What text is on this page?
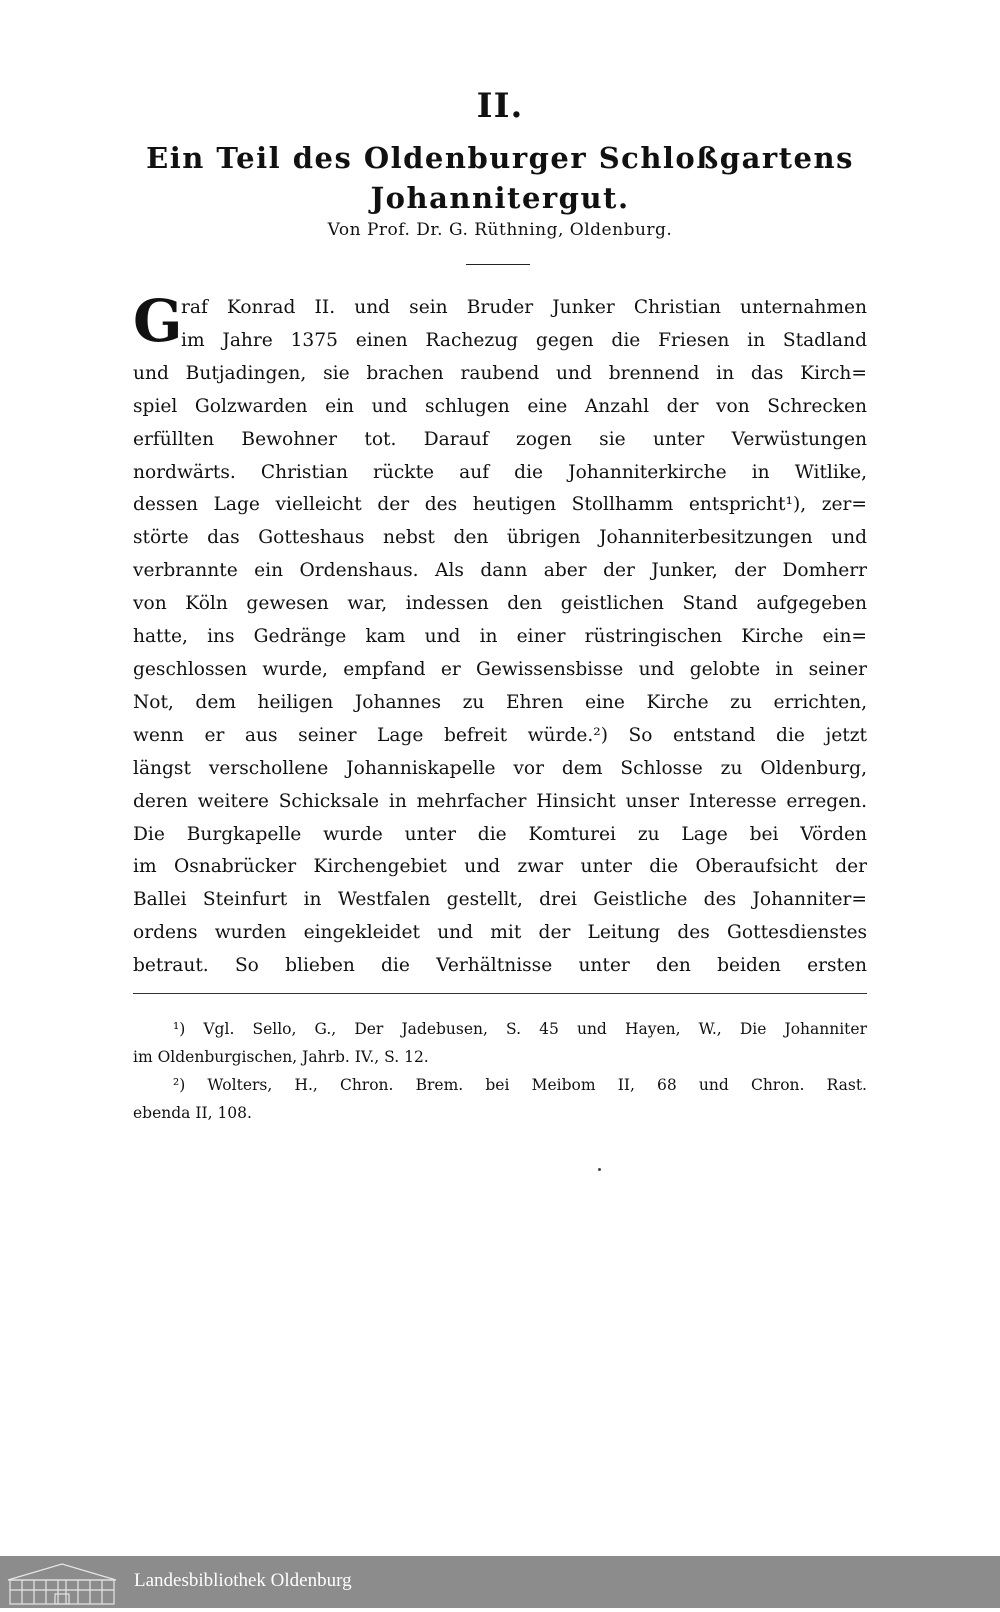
II.
Ein Teil des Oldenburger Schloßgartens
Johannitergut.
Von Prof. Dr. G. Rüthning, Oldenburg.
G
raf Konrad II. und sein Bruder Junker Christian unternahmen
im Jahre 1375 einen Rachezug gegen die Friesen in Stadland
und Butjadingen, sie brachen raubend und brennend in das Kirch=
spiel Golzwarden ein und schlugen eine Anzahl der von Schrecken
erfüllten Bewohner tot. Darauf zogen sie unter Verwüstungen
nordwärts. Christian rückte auf die Johanniterkirche in Witlike,
dessen Lage vielleicht der des heutigen Stollhamm entspricht¹), zer=
störte das Gotteshaus nebst den übrigen Johanniterbesitzungen und
verbrannte ein Ordenshaus. Als dann aber der Junker, der Domherr
von Köln gewesen war, indessen den geistlichen Stand aufgegeben
hatte, ins Gedränge kam und in einer rüstringischen Kirche ein=
geschlossen wurde, empfand er Gewissensbisse und gelobte in seiner
Not, dem heiligen Johannes zu Ehren eine Kirche zu errichten,
wenn er aus seiner Lage befreit würde.²) So entstand die jetzt
längst verschollene Johanniskapelle vor dem Schlosse zu Oldenburg,
deren weitere Schicksale in mehrfacher Hinsicht unser Interesse erregen.
Die Burgkapelle wurde unter die Komturei zu Lage bei Vörden
im Osnabrücker Kirchengebiet und zwar unter die Oberaufsicht der
Ballei Steinfurt in Westfalen gestellt, drei Geistliche des Johanniter=
ordens wurden eingekleidet und mit der Leitung des Gottesdienstes
betraut. So blieben die Verhältnisse unter den beiden ersten
¹) Vgl. Sello, G., Der Jadebusen, S. 45 und Hayen, W., Die Johanniter
im Oldenburgischen, Jahrb. IV., S. 12.
²) Wolters, H., Chron. Brem. bei Meibom II, 68 und Chron. Rast.
ebenda II, 108.
Landesbibliothek Oldenburg
